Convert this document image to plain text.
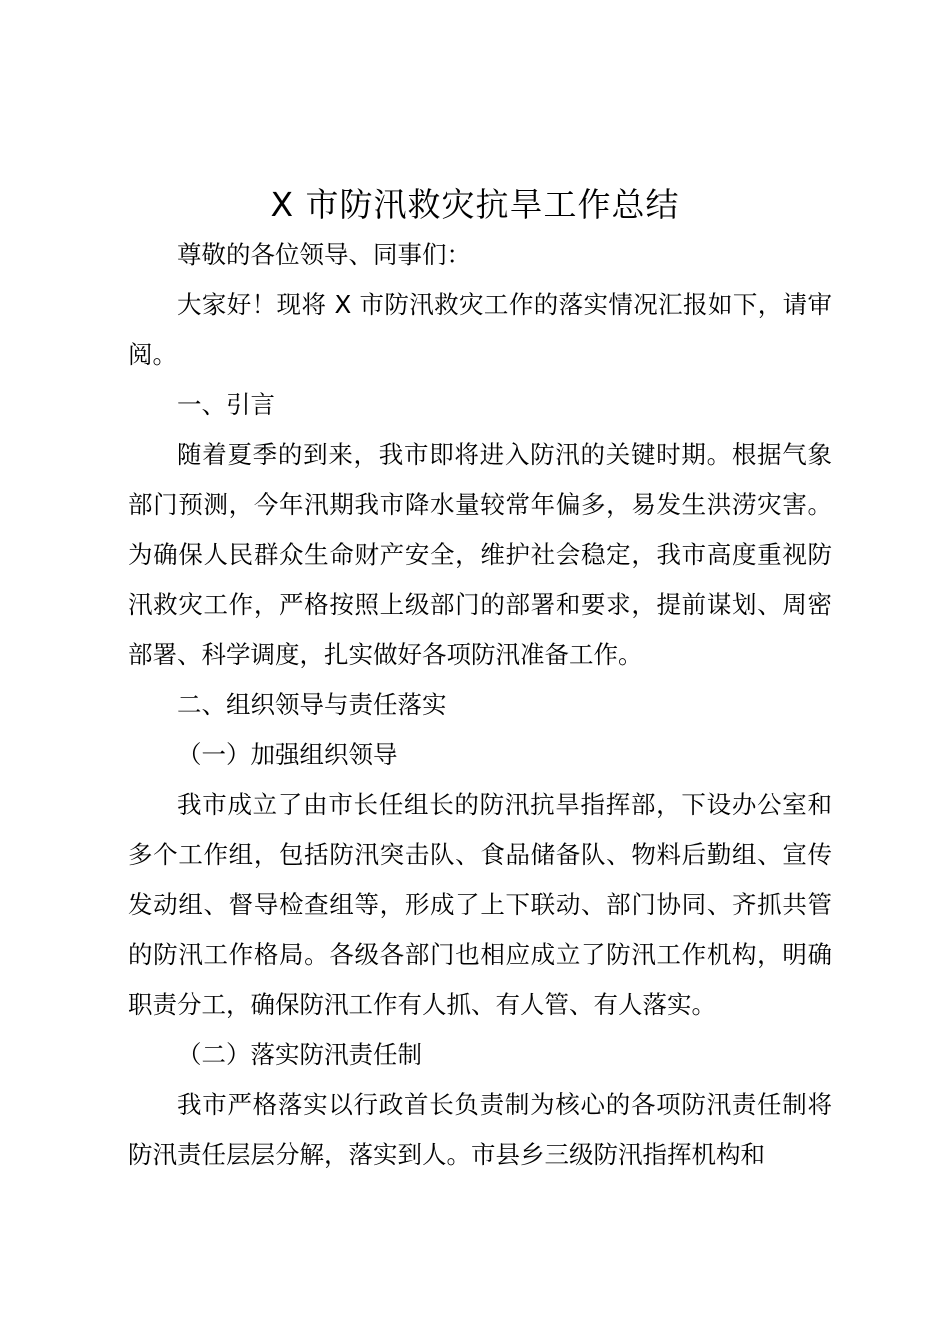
X 市防汛救灾抗旱工作总结

尊敬的各位领导、同事们：

大家好！现将 X 市防汛救灾工作的落实情况汇报如下，请审阅。

一、引言

随着夏季的到来，我市即将进入防汛的关键时期。根据气象部门预测，今年汛期我市降水量较常年偏多，易发生洪涝灾害。为确保人民群众生命财产安全，维护社会稳定，我市高度重视防汛救灾工作，严格按照上级部门的部署和要求，提前谋划、周密部署、科学调度，扎实做好各项防汛准备工作。

二、组织领导与责任落实

（一）加强组织领导

我市成立了由市长任组长的防汛抗旱指挥部，下设办公室和多个工作组，包括防汛突击队、食品储备队、物料后勤组、宣传发动组、督导检查组等，形成了上下联动、部门协同、齐抓共管的防汛工作格局。各级各部门也相应成立了防汛工作机构，明确职责分工，确保防汛工作有人抓、有人管、有人落实。

（二）落实防汛责任制

我市严格落实以行政首长负责制为核心的各项防汛责任制将防汛责任层层分解，落实到人。市县乡三级防汛指挥机构和
